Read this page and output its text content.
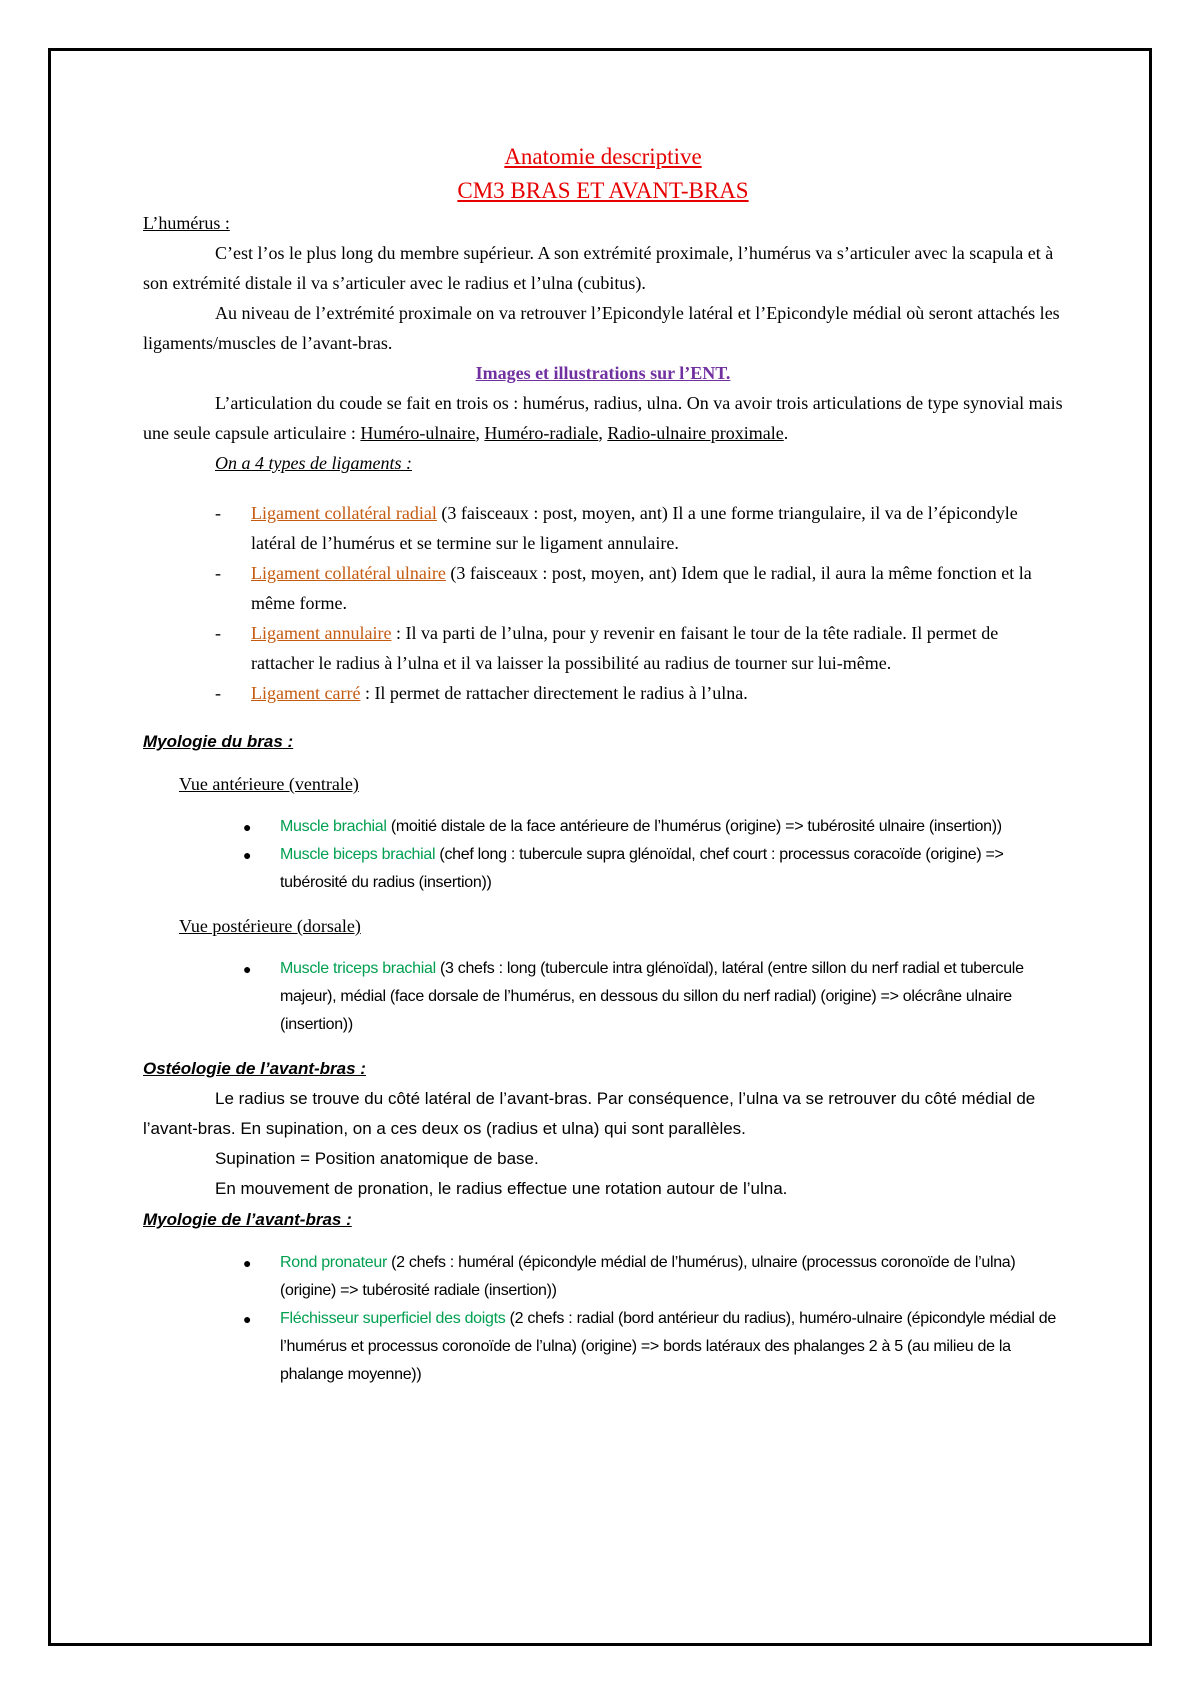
Anatomie descriptive

CM3 BRAS ET AVANT-BRAS

L’humérus :

C’est l’os le plus long du membre supérieur. A son extrémité proximale, l’humérus va s’articuler avec la scapula et à son extrémité distale il va s’articuler avec le radius et l’ulna (cubitus).

Au niveau de l’extrémité proximale on va retrouver l’Epicondyle latéral et l’Epicondyle médial où seront attachés les ligaments/muscles de l’avant-bras.

Images et illustrations sur l’ENT.

L’articulation du coude se fait en trois os : humérus, radius, ulna. On va avoir trois articulations de type synovial mais une seule capsule articulaire : Huméro-ulnaire, Huméro-radiale, Radio-ulnaire proximale.

On a 4 types de ligaments :

- Ligament collatéral radial (3 faisceaux : post, moyen, ant) Il a une forme triangulaire, il va de l’épicondyle latéral de l’humérus et se termine sur le ligament annulaire.
- Ligament collatéral ulnaire (3 faisceaux : post, moyen, ant) Idem que le radial, il aura la même fonction et la même forme.
- Ligament annulaire : Il va parti de l’ulna, pour y revenir en faisant le tour de la tête radiale. Il permet de rattacher le radius à l’ulna et il va laisser la possibilité au radius de tourner sur lui-même.
- Ligament carré : Il permet de rattacher directement le radius à l’ulna.

Myologie du bras :

Vue antérieure (ventrale)

● Muscle brachial (moitié distale de la face antérieure de l’humérus (origine) => tubérosité ulnaire (insertion))
● Muscle biceps brachial (chef long : tubercule supra glénoïdal, chef court : processus coracoïde (origine) => tubérosité du radius (insertion))

Vue postérieure (dorsale)

● Muscle triceps brachial (3 chefs : long (tubercule intra glénoïdal), latéral (entre sillon du nerf radial et tubercule majeur), médial (face dorsale de l’humérus, en dessous du sillon du nerf radial) (origine) => olécrâne ulnaire (insertion))

Ostéologie de l’avant-bras :

Le radius se trouve du côté latéral de l’avant-bras. Par conséquence, l’ulna va se retrouver du côté médial de l’avant-bras. En supination, on a ces deux os (radius et ulna) qui sont parallèles.

Supination = Position anatomique de base.

En mouvement de pronation, le radius effectue une rotation autour de l’ulna.

Myologie de l’avant-bras :

● Rond pronateur (2 chefs : huméral (épicondyle médial de l’humérus), ulnaire (processus coronoïde de l’ulna) (origine) => tubérosité radiale (insertion))
● Fléchisseur superficiel des doigts (2 chefs : radial (bord antérieur du radius), huméro-ulnaire (épicondyle médial de l’humérus et processus coronoïde de l’ulna) (origine) => bords latéraux des phalanges 2 à 5 (au milieu de la phalange moyenne))
